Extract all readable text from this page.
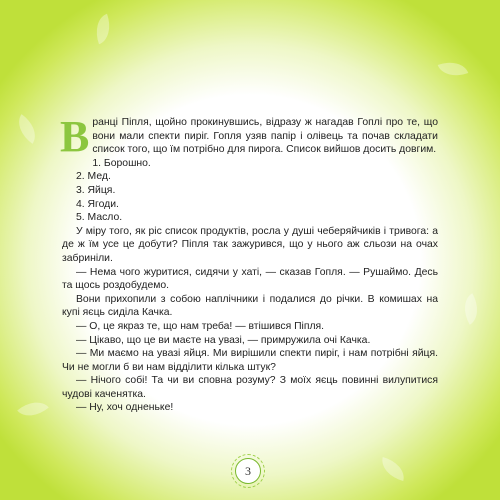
Вранці Піпля, щойно прокинувшись, відразу ж нагадав Гоплі про те, що вони мали спекти пиріг. Гопля узяв папір і олівець та почав складати список того, що їм потрібно для пирога. Список вийшов досить довгим.

1. Борошно.

2. Мед.

3. Яйця.

4. Ягоди.

5. Масло.

У міру того, як ріс список продуктів, росла у душі чеберяйчиків і тривога: а де ж їм усе це добути? Піпля так зажурився, що у нього аж сльози на очах забриніли.

— Нема чого журитися, сидячи у хаті, — сказав Гопля. — Рушаймо. Десь та щось роздобудемо.

Вони прихопили з собою наплічники і подалися до річки. В комишах на купі яєць сиділа Качка.

— О, це якраз те, що нам треба! — втішився Піпля.

— Цікаво, що це ви маєте на увазі, — примружила очі Качка.

— Ми маємо на увазі яйця. Ми вирішили спекти пиріг, і нам потрібні яйця. Чи не могли б ви нам відділити кілька штук?

— Нічого собі! Та чи ви сповна розуму? З моїх яєць повинні вилупитися чудові каченятка.

— Ну, хоч одненьке!

3
